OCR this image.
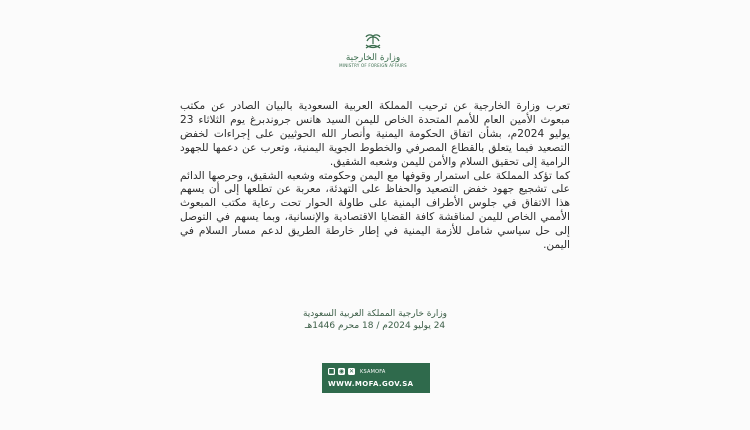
وزارة الخارجية
MINISTRY OF FOREIGN AFFAIRS

تعرب وزارة الخارجية عن ترحيب المملكة العربية السعودية بالبيان الصادر عن مكتب مبعوث الأمين العام للأمم المتحدة الخاص لليمن السيد هانس جروندبرغ يوم الثلاثاء 23 يوليو 2024م، بشأن اتفاق الحكومة اليمنية وأنصار الله الحوثيين على إجراءات لخفض التصعيد فيما يتعلق بالقطاع المصرفي والخطوط الجوية اليمنية، وتعرب عن دعمها للجهود الرامية إلى تحقيق السلام والأمن لليمن وشعبه الشقيق.

كما تؤكد المملكة على استمرار وقوفها مع اليمن وحكومته وشعبه الشقيق، وحرصها الدائم على تشجيع جهود خفض التصعيد والحفاظ على التهدئة، معربة عن تطلعها إلى أن يسهم هذا الاتفاق في جلوس الأطراف اليمنية على طاولة الحوار تحت رعاية مكتب المبعوث الأممي الخاص لليمن لمناقشة كافة القضايا الاقتصادية والإنسانية، وبما يسهم في التوصل إلى حل سياسي شامل للأزمة اليمنية في إطار خارطة الطريق لدعم مسار السلام في اليمن.

وزارة خارجية المملكة العربية السعودية
24 يوليو 2024م / 18 محرم 1446هـ
■ ◉ ✕ KSAMOFA
WWW.MOFA.GOV.SA
